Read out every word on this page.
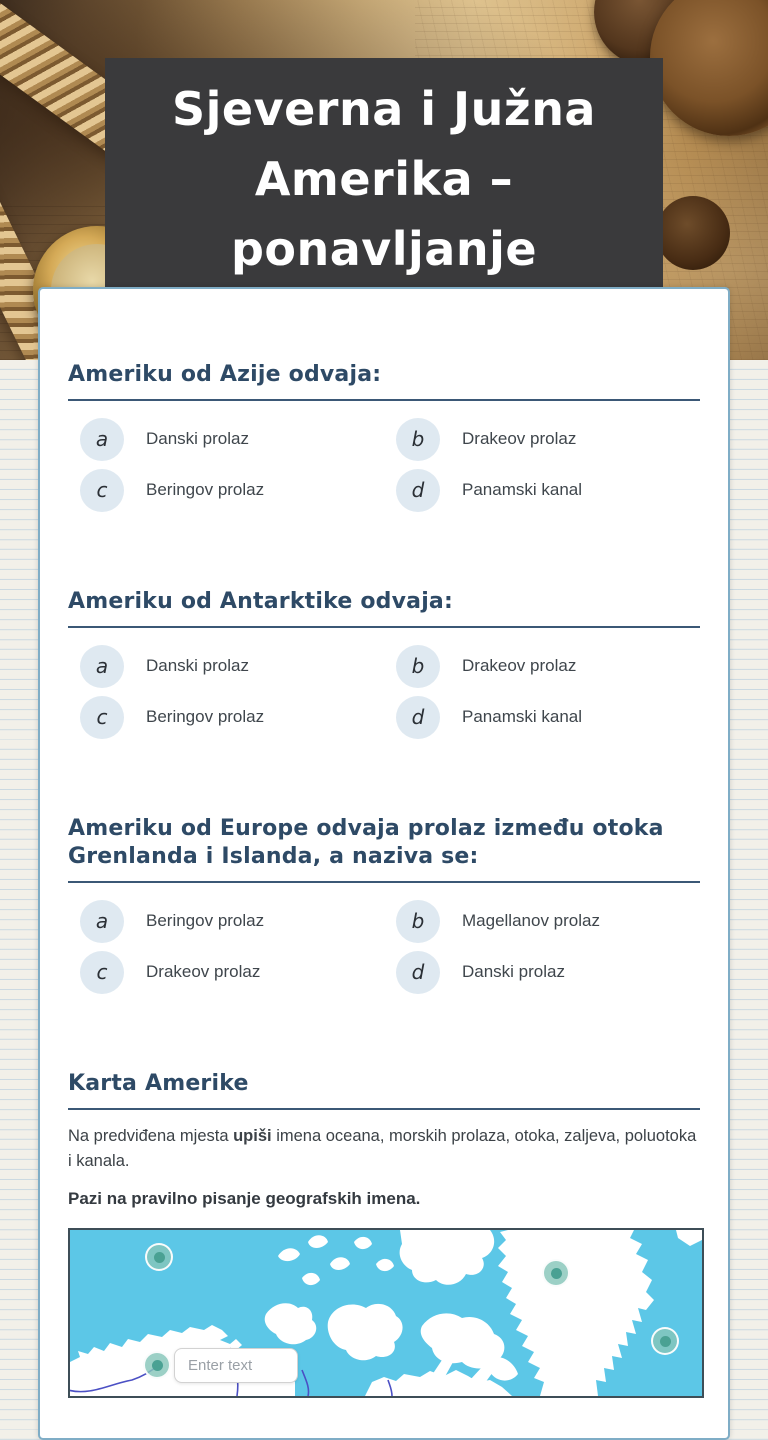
Sjeverna i Južna Amerika – ponavljanje
Ameriku od Azije odvaja:
a	Danski prolaz	b	Drakeov prolaz
c	Beringov prolaz	d	Panamski kanal
Ameriku od Antarktike odvaja:
a	Danski prolaz	b	Drakeov prolaz
c	Beringov prolaz	d	Panamski kanal
Ameriku od Europe odvaja prolaz između otoka Grenlanda i Islanda, a naziva se:
a	Beringov prolaz	b	Magellanov prolaz
c	Drakeov prolaz	d	Danski prolaz
Karta Amerike

Na predviđena mjesta upiši imena oceana, morskih prolaza, otoka, zaljeva, poluotoka i kanala.

Pazi na pravilno pisanje geografskih imena.

Enter text
